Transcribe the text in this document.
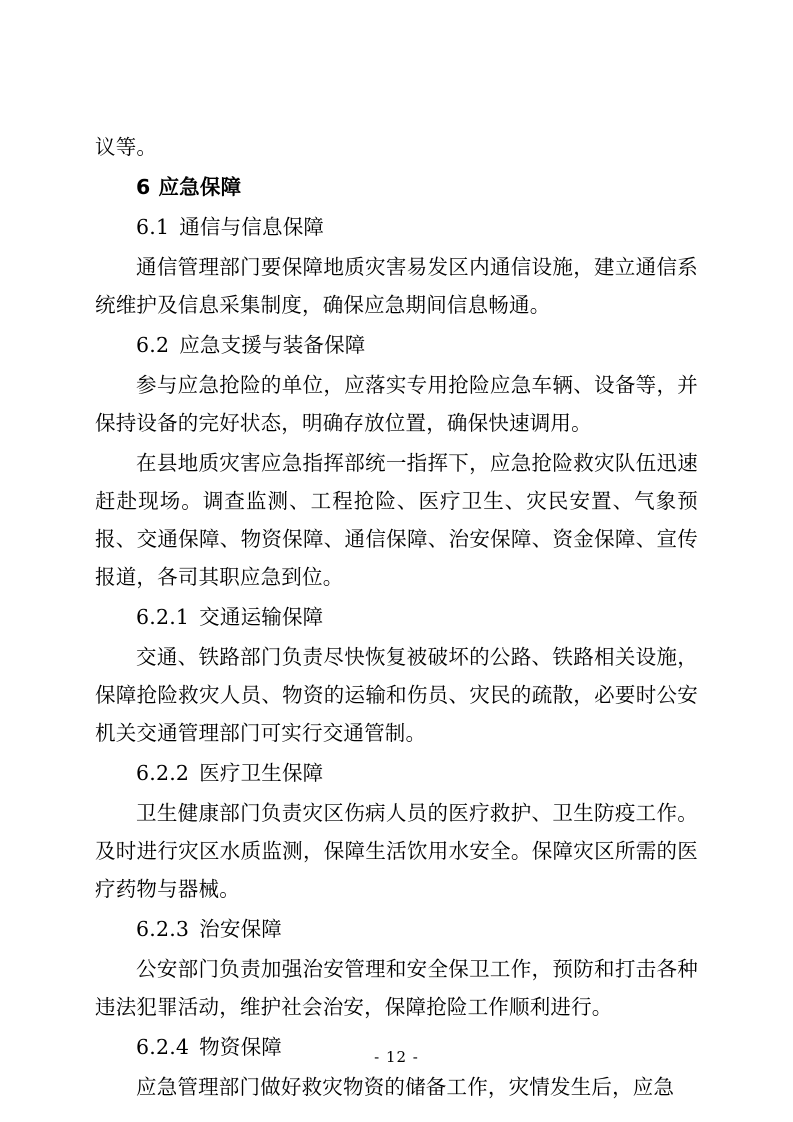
议等。

6 应急保障
6.1 通信与信息保障

通信管理部门要保障地质灾害易发区内通信设施，建立通信系统维护及信息采集制度，确保应急期间信息畅通。

6.2 应急支援与装备保障

参与应急抢险的单位，应落实专用抢险应急车辆、设备等，并保持设备的完好状态，明确存放位置，确保快速调用。

在县地质灾害应急指挥部统一指挥下，应急抢险救灾队伍迅速赶赴现场。调查监测、工程抢险、医疗卫生、灾民安置、气象预报、交通保障、物资保障、通信保障、治安保障、资金保障、宣传报道，各司其职应急到位。

6.2.1 交通运输保障

交通、铁路部门负责尽快恢复被破坏的公路、铁路相关设施，保障抢险救灾人员、物资的运输和伤员、灾民的疏散，必要时公安机关交通管理部门可实行交通管制。

6.2.2 医疗卫生保障

卫生健康部门负责灾区伤病人员的医疗救护、卫生防疫工作。及时进行灾区水质监测，保障生活饮用水安全。保障灾区所需的医疗药物与器械。

6.2.3 治安保障

公安部门负责加强治安管理和安全保卫工作，预防和打击各种违法犯罪活动，维护社会治安，保障抢险工作顺利进行。

6.2.4 物资保障

应急管理部门做好救灾物资的储备工作，灾情发生后，应急

- 12 -
